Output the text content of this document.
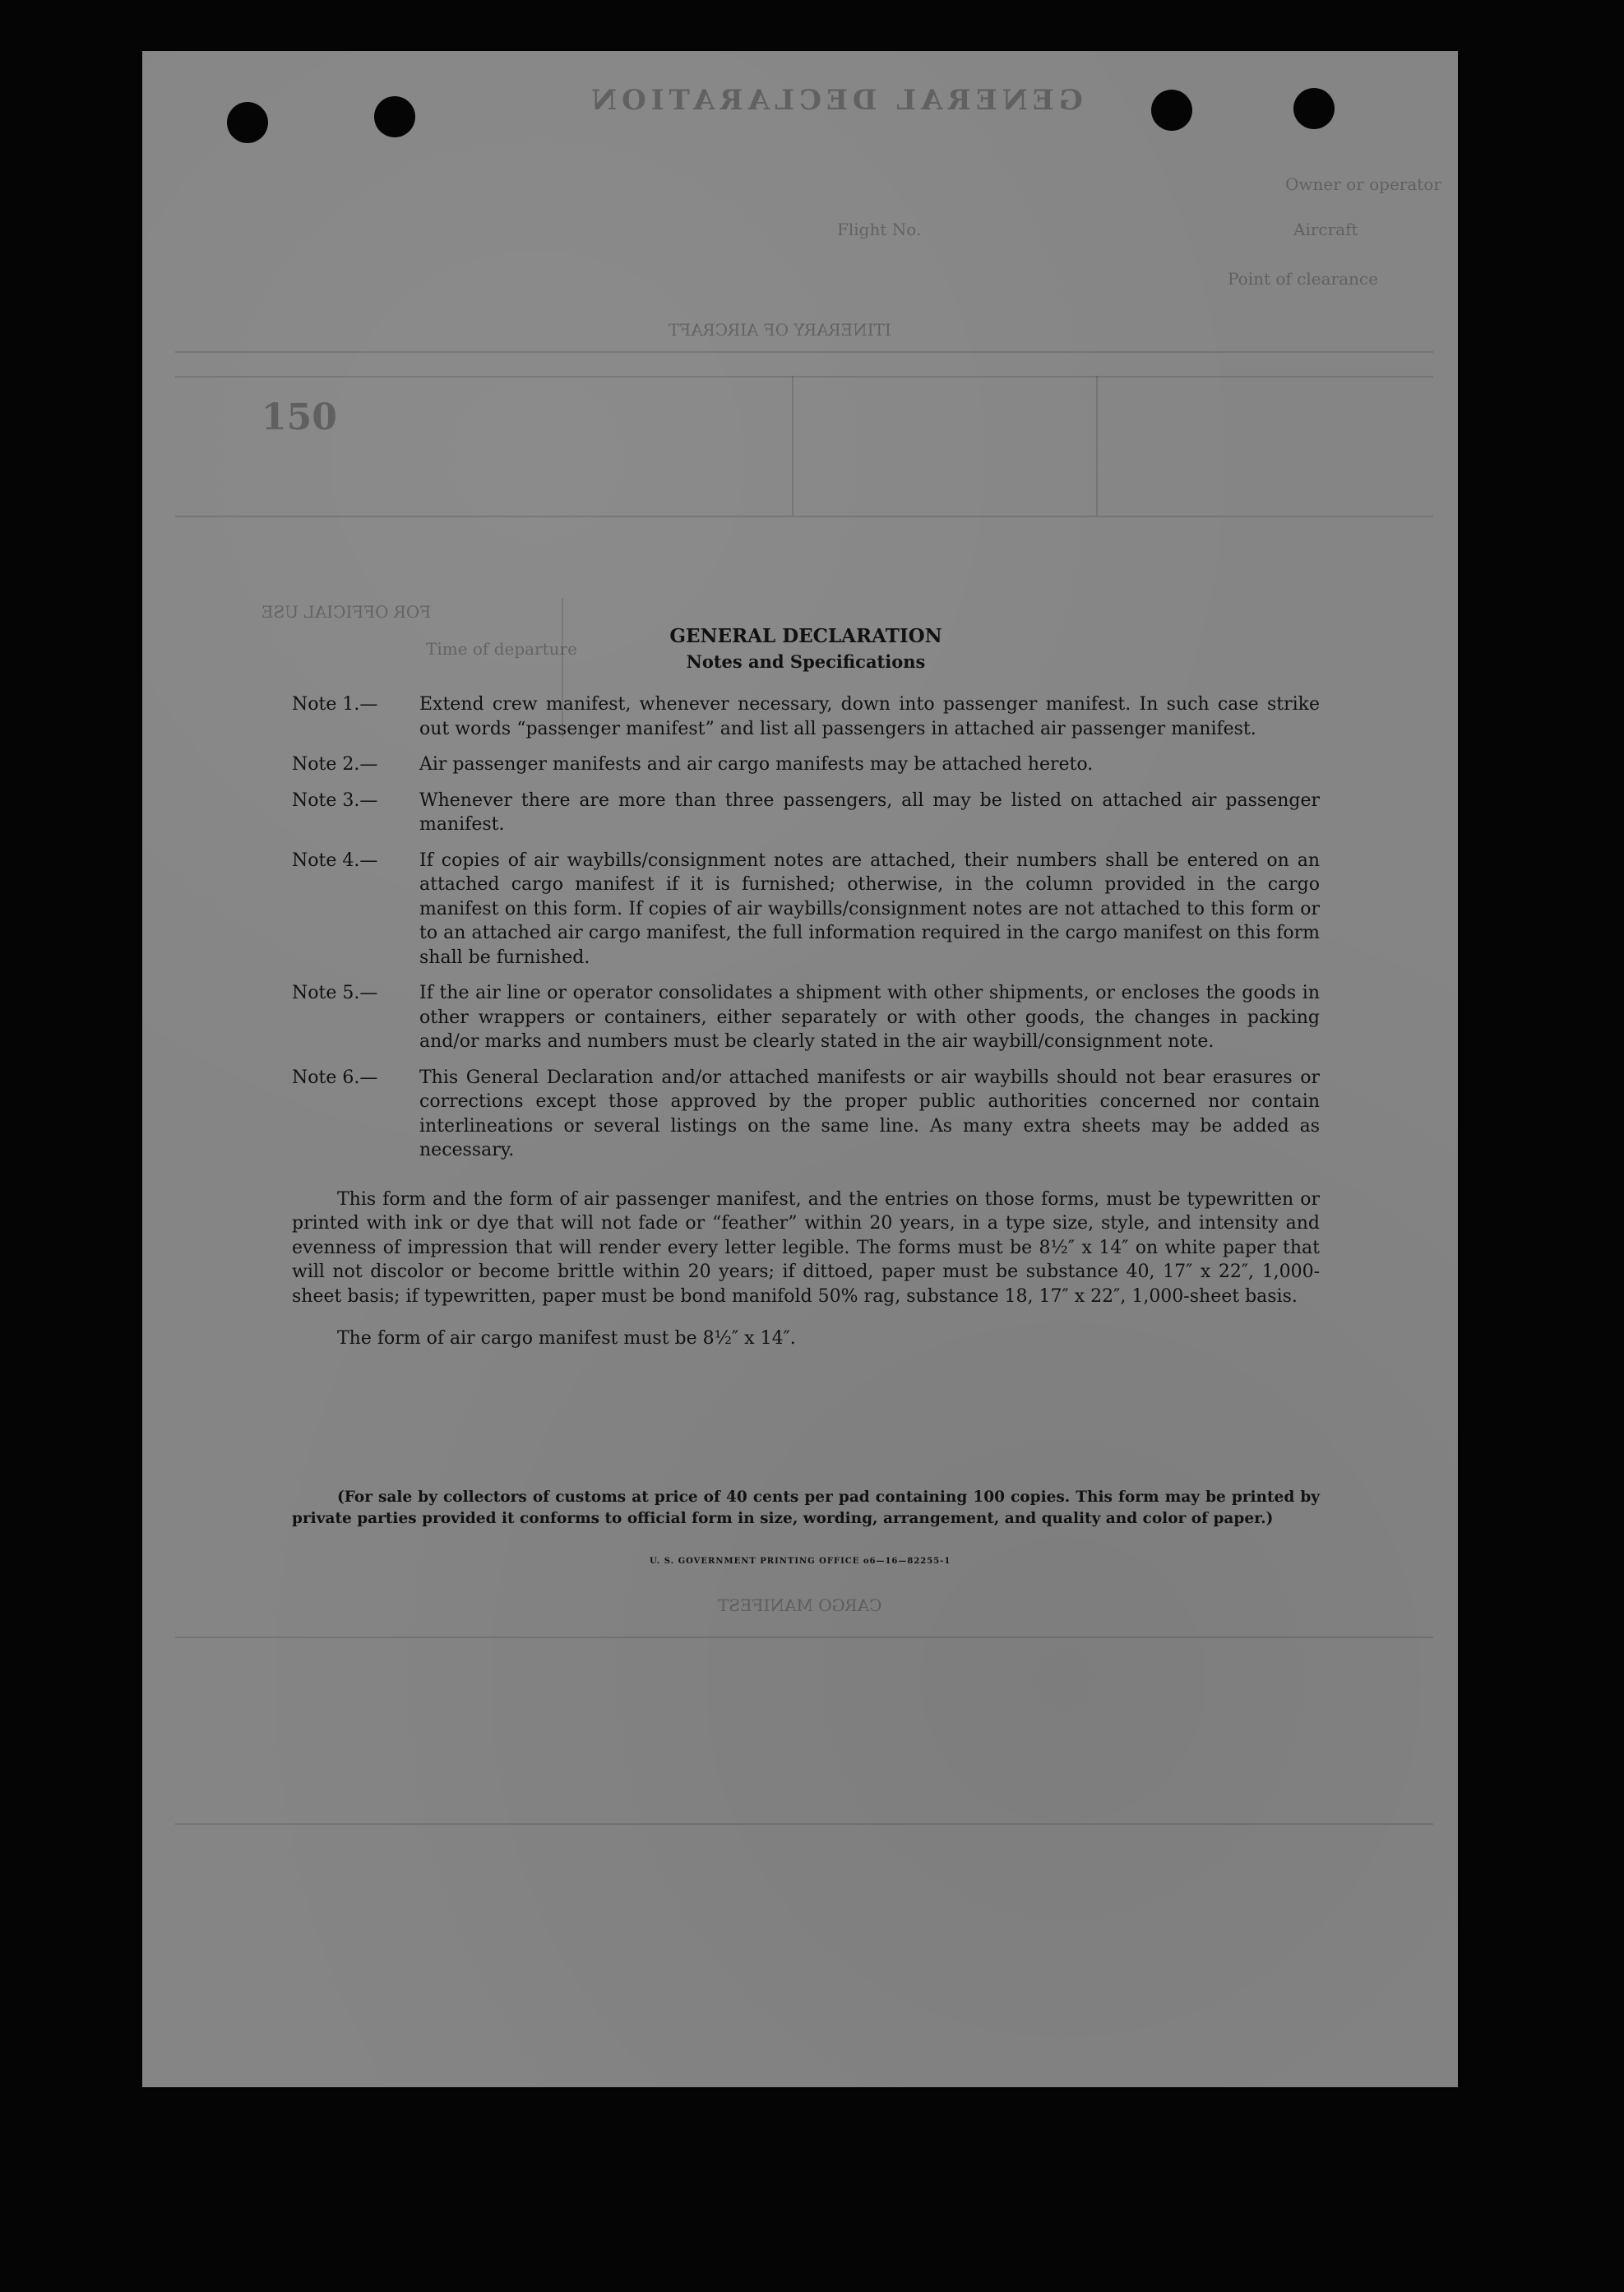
GENERAL DECLARATION
Owner or operator
Aircraft
Flight No.
Point of clearance
ITINERARY OF AIRCRAFT
150
FOR OFFICIAL USE
Time of departure
CARGO MANIFEST

GENERAL DECLARATION

Notes and Specifications

Note 1.—	Extend crew manifest, whenever necessary, down into passenger manifest. In such case strike out words “passenger manifest” and list all passengers in attached air passenger manifest.
Note 2.—	Air passenger manifests and air cargo manifests may be attached hereto.
Note 3.—	Whenever there are more than three passengers, all may be listed on attached air passenger manifest.
Note 4.—	If copies of air waybills/consignment notes are attached, their numbers shall be entered on an attached cargo manifest if it is furnished; otherwise, in the column provided in the cargo manifest on this form. If copies of air waybills/consignment notes are not attached to this form or to an attached air cargo manifest, the full information required in the cargo manifest on this form shall be furnished.
Note 5.—	If the air line or operator consolidates a shipment with other shipments, or encloses the goods in other wrappers or containers, either separately or with other goods, the changes in packing and/or marks and numbers must be clearly stated in the air waybill/consignment note.
Note 6.—	This General Declaration and/or attached manifests or air waybills should not bear erasures or corrections except those approved by the proper public authorities concerned nor contain interlineations or several listings on the same line. As many extra sheets may be added as necessary.

This form and the form of air passenger manifest, and the entries on those forms, must be typewritten or printed with ink or dye that will not fade or “feather” within 20 years, in a type size, style, and intensity and evenness of impression that will render every letter legible. The forms must be 8½″ x 14″ on white paper that will not discolor or become brittle within 20 years; if dittoed, paper must be substance 40, 17″ x 22″, 1,000-sheet basis; if typewritten, paper must be bond manifold 50% rag, substance 18, 17″ x 22″, 1,000-sheet basis.

The form of air cargo manifest must be 8½″ x 14″.

(For sale by collectors of customs at price of 40 cents per pad containing 100 copies. This form may be printed by private parties provided it conforms to official form in size, wording, arrangement, and quality and color of paper.)
U. S. GOVERNMENT PRINTING OFFICE o6—16—82255-1
